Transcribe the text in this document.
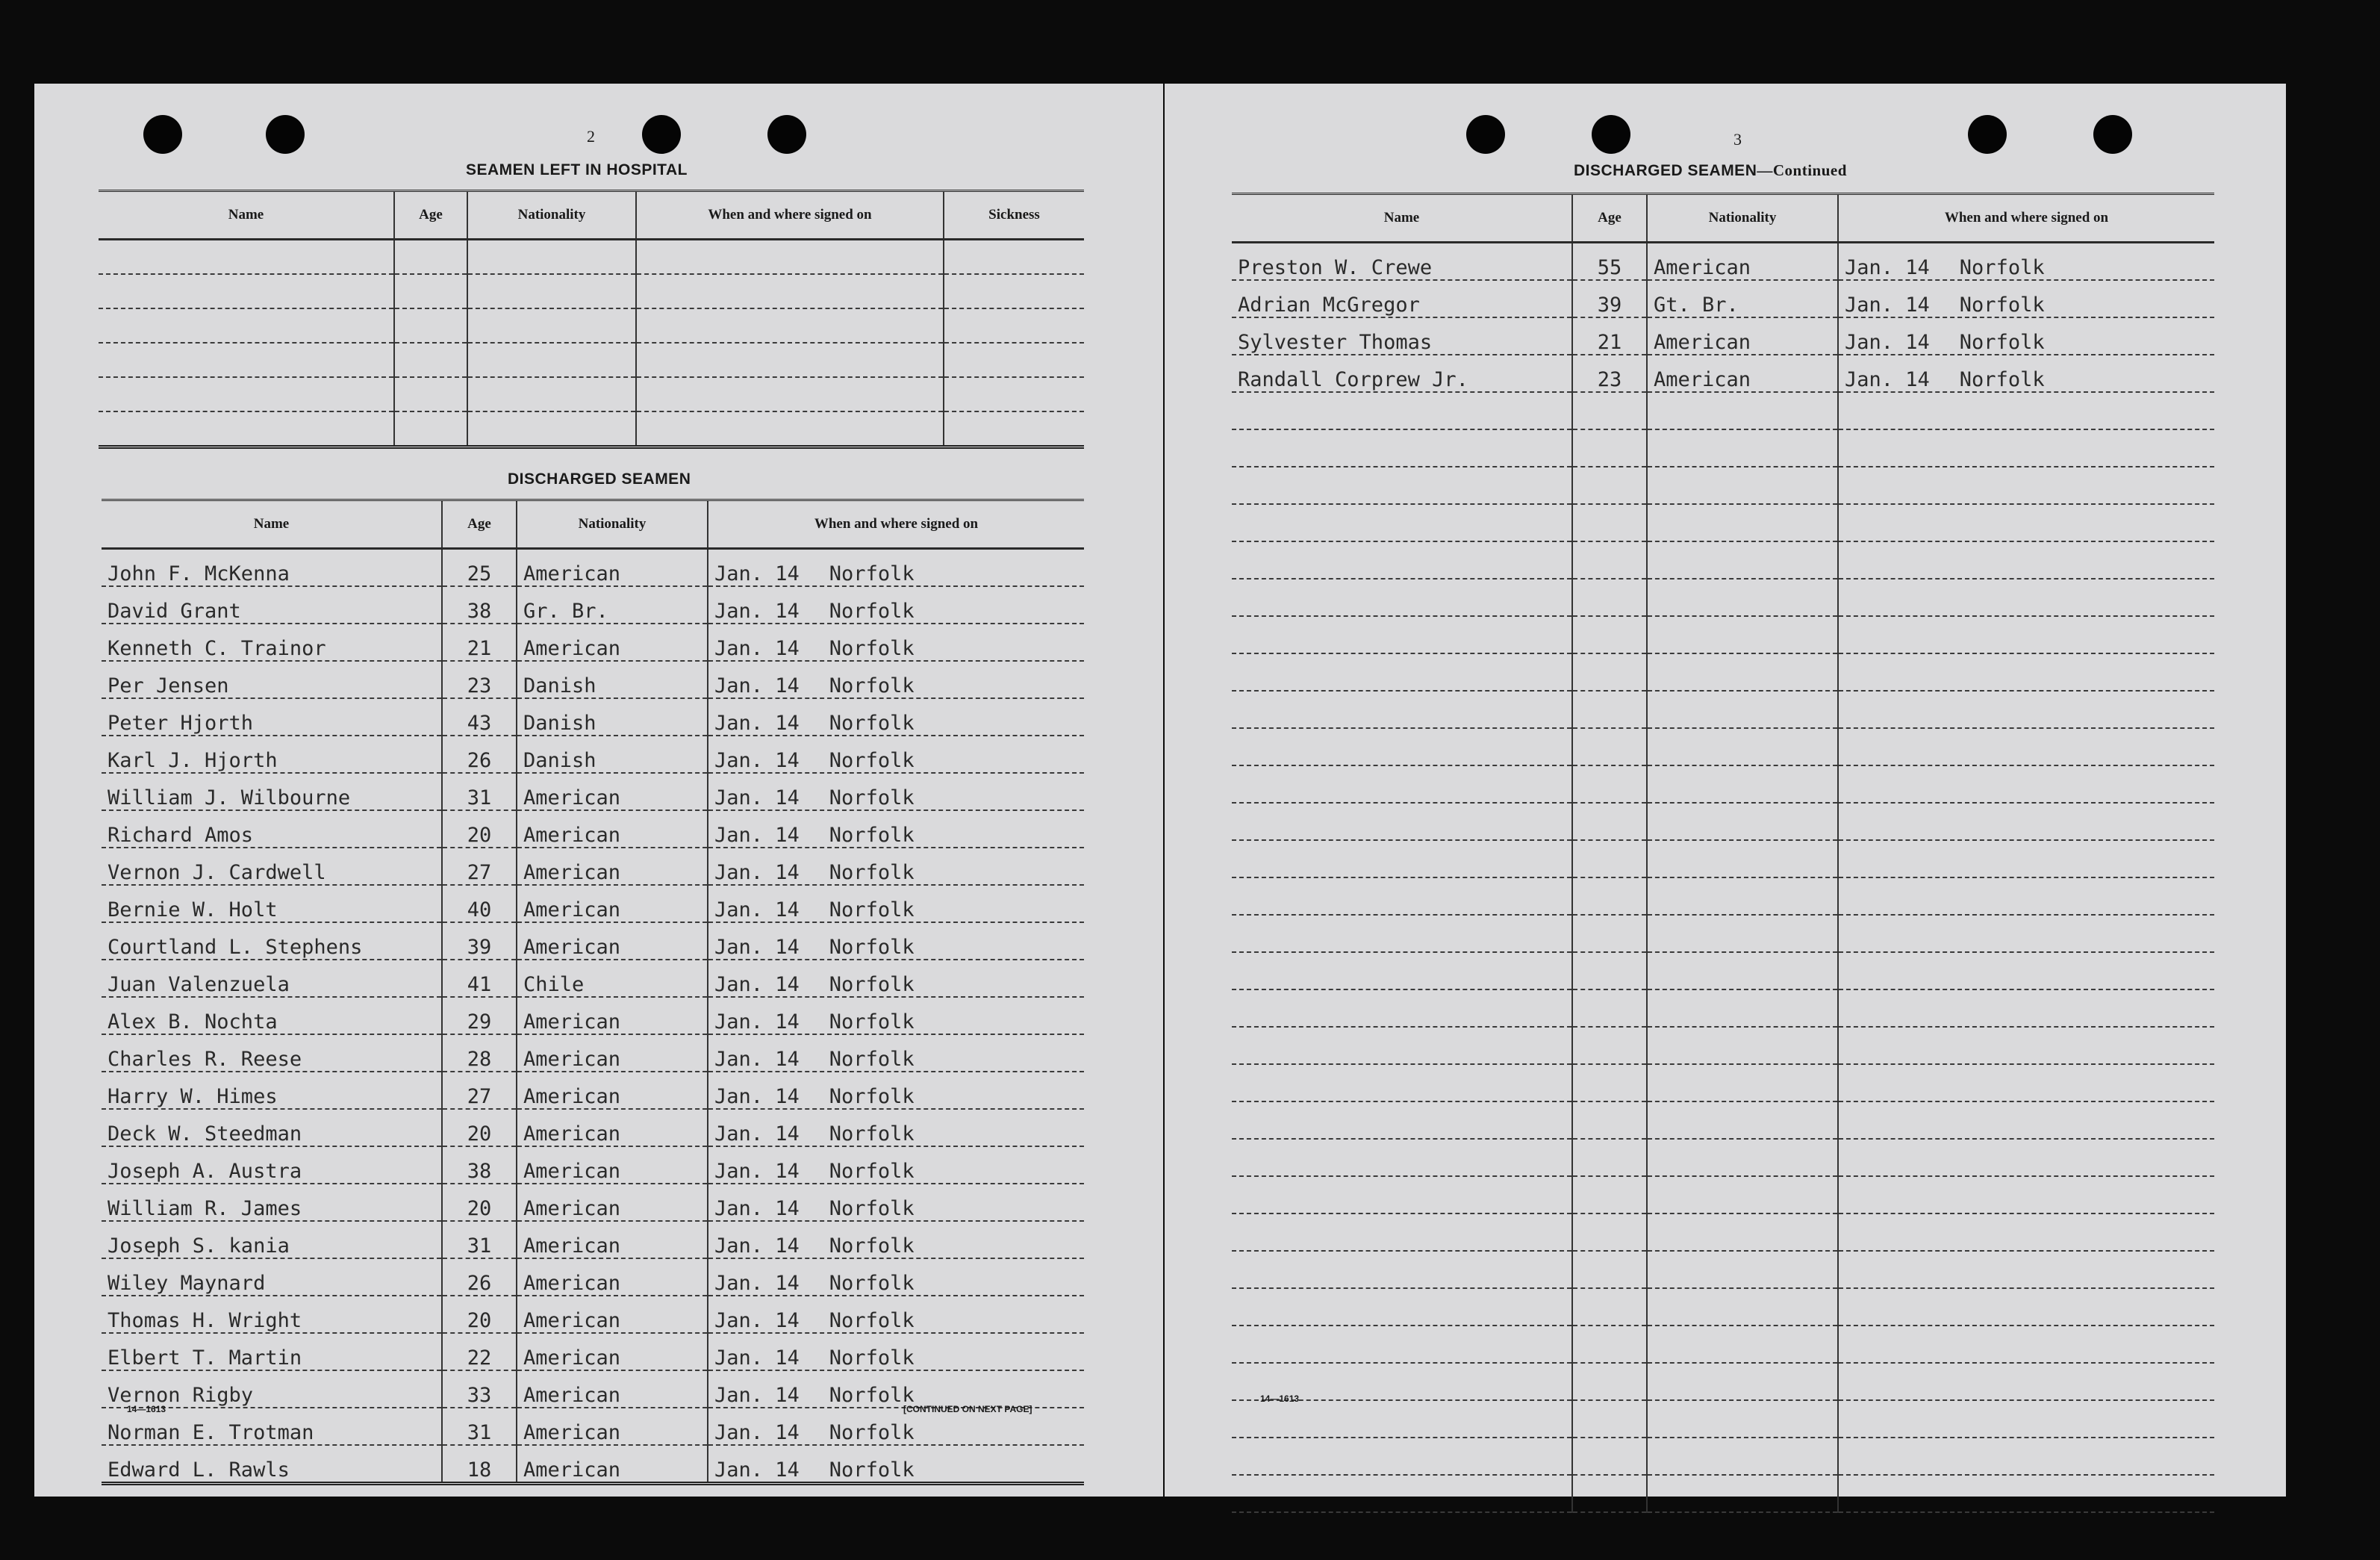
2
SEAMEN LEFT IN HOSPITAL
Name	Age	Nationality	When and where signed on	Sickness

DISCHARGED SEAMEN
Name	Age	Nationality	When and where signed on
John F. McKenna	25	American	Jan. 14 Norfolk

David Grant	38	Gr. Br.	Jan. 14 Norfolk

Kenneth C. Trainor	21	American	Jan. 14 Norfolk

Per Jensen	23	Danish	Jan. 14 Norfolk

Peter Hjorth	43	Danish	Jan. 14 Norfolk

Karl J. Hjorth	26	Danish	Jan. 14 Norfolk

William J. Wilbourne	31	American	Jan. 14 Norfolk

Richard Amos	20	American	Jan. 14 Norfolk

Vernon J. Cardwell	27	American	Jan. 14 Norfolk

Bernie W. Holt	40	American	Jan. 14 Norfolk

Courtland L. Stephens	39	American	Jan. 14 Norfolk

Juan Valenzuela	41	Chile	Jan. 14 Norfolk

Alex B. Nochta	29	American	Jan. 14 Norfolk

Charles R. Reese	28	American	Jan. 14 Norfolk

Harry W. Himes	27	American	Jan. 14 Norfolk

Deck W. Steedman	20	American	Jan. 14 Norfolk

Joseph A. Austra	38	American	Jan. 14 Norfolk

William R. James	20	American	Jan. 14 Norfolk

Joseph S. kania	31	American	Jan. 14 Norfolk

Wiley Maynard	26	American	Jan. 14 Norfolk

Thomas H. Wright	20	American	Jan. 14 Norfolk

Elbert T. Martin	22	American	Jan. 14 Norfolk

Vernon Rigby	33	American	Jan. 14 Norfolk

Norman E. Trotman	31	American	Jan. 14 Norfolk

Edward L. Rawls	18	American	Jan. 14 Norfolk
14—1613	[CONTINUED ON NEXT PAGE]
3
DISCHARGED SEAMEN—Continued
Name	Age	Nationality	When and where signed on
Preston W. Crewe	55	American	Jan. 14 Norfolk

Adrian McGregor	39	Gt. Br.	Jan. 14 Norfolk

Sylvester Thomas	21	American	Jan. 14 Norfolk

Randall Corprew Jr.	23	American	Jan. 14 Norfolk

14—1613
